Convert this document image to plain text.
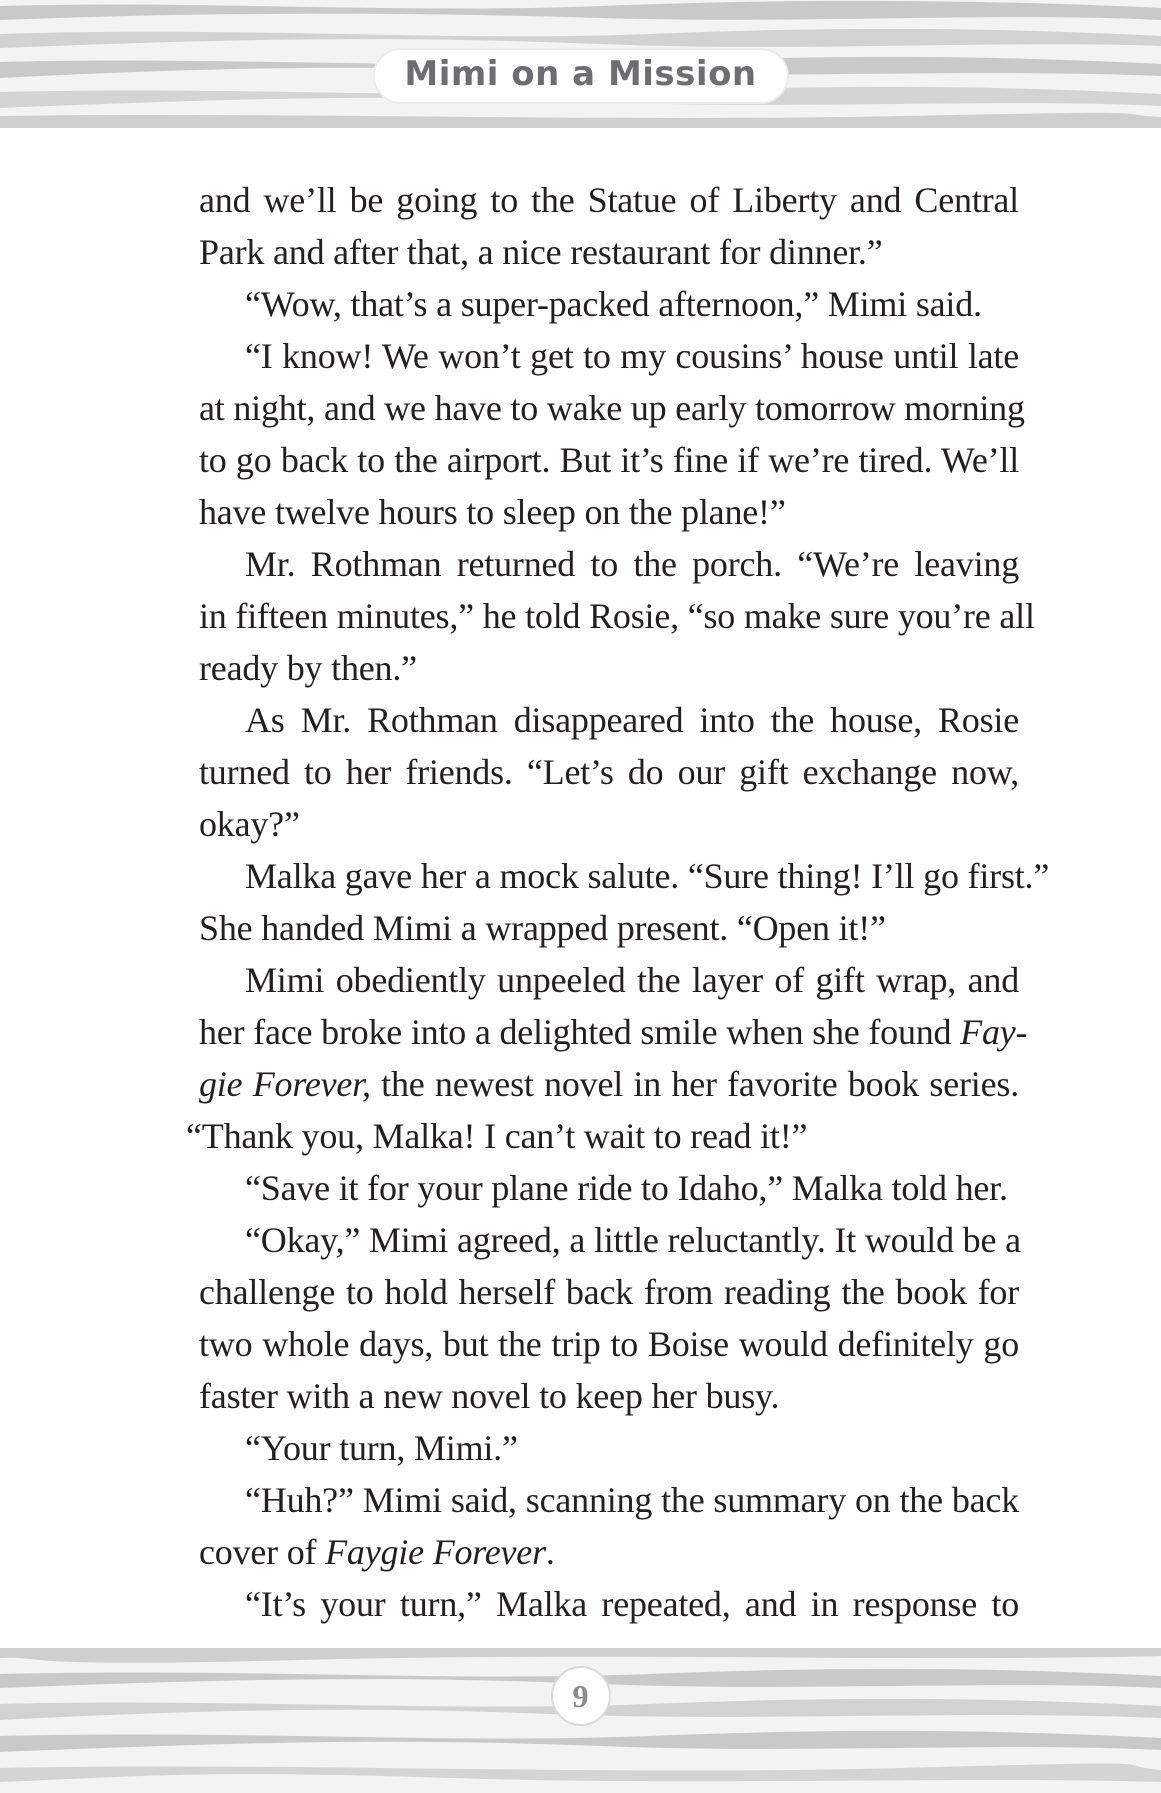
Mimi on a Mission
and we’ll be going to the Statue of Liberty and Central
Park and after that, a nice restaurant for dinner.”
“Wow, that’s a super-packed afternoon,” Mimi said.
“I know! We won’t get to my cousins’ house until late
at night, and we have to wake up early tomorrow morning
to go back to the airport. But it’s fine if we’re tired. We’ll
have twelve hours to sleep on the plane!”
Mr. Rothman returned to the porch. “We’re leaving
in fifteen minutes,” he told Rosie, “so make sure you’re all
ready by then.”
As Mr. Rothman disappeared into the house, Rosie
turned to her friends. “Let’s do our gift exchange now,
okay?”
Malka gave her a mock salute. “Sure thing! I’ll go first.”
She handed Mimi a wrapped present. “Open it!”
Mimi obediently unpeeled the layer of gift wrap, and
her face broke into a delighted smile when she found Fay-
gie Forever, the newest novel in her favorite book series.
“Thank you, Malka! I can’t wait to read it!”
“Save it for your plane ride to Idaho,” Malka told her.
“Okay,” Mimi agreed, a little reluctantly. It would be a
challenge to hold herself back from reading the book for
two whole days, but the trip to Boise would definitely go
faster with a new novel to keep her busy.
“Your turn, Mimi.”
“Huh?” Mimi said, scanning the summary on the back
cover of Faygie Forever.
“It’s your turn,” Malka repeated, and in response to
9
